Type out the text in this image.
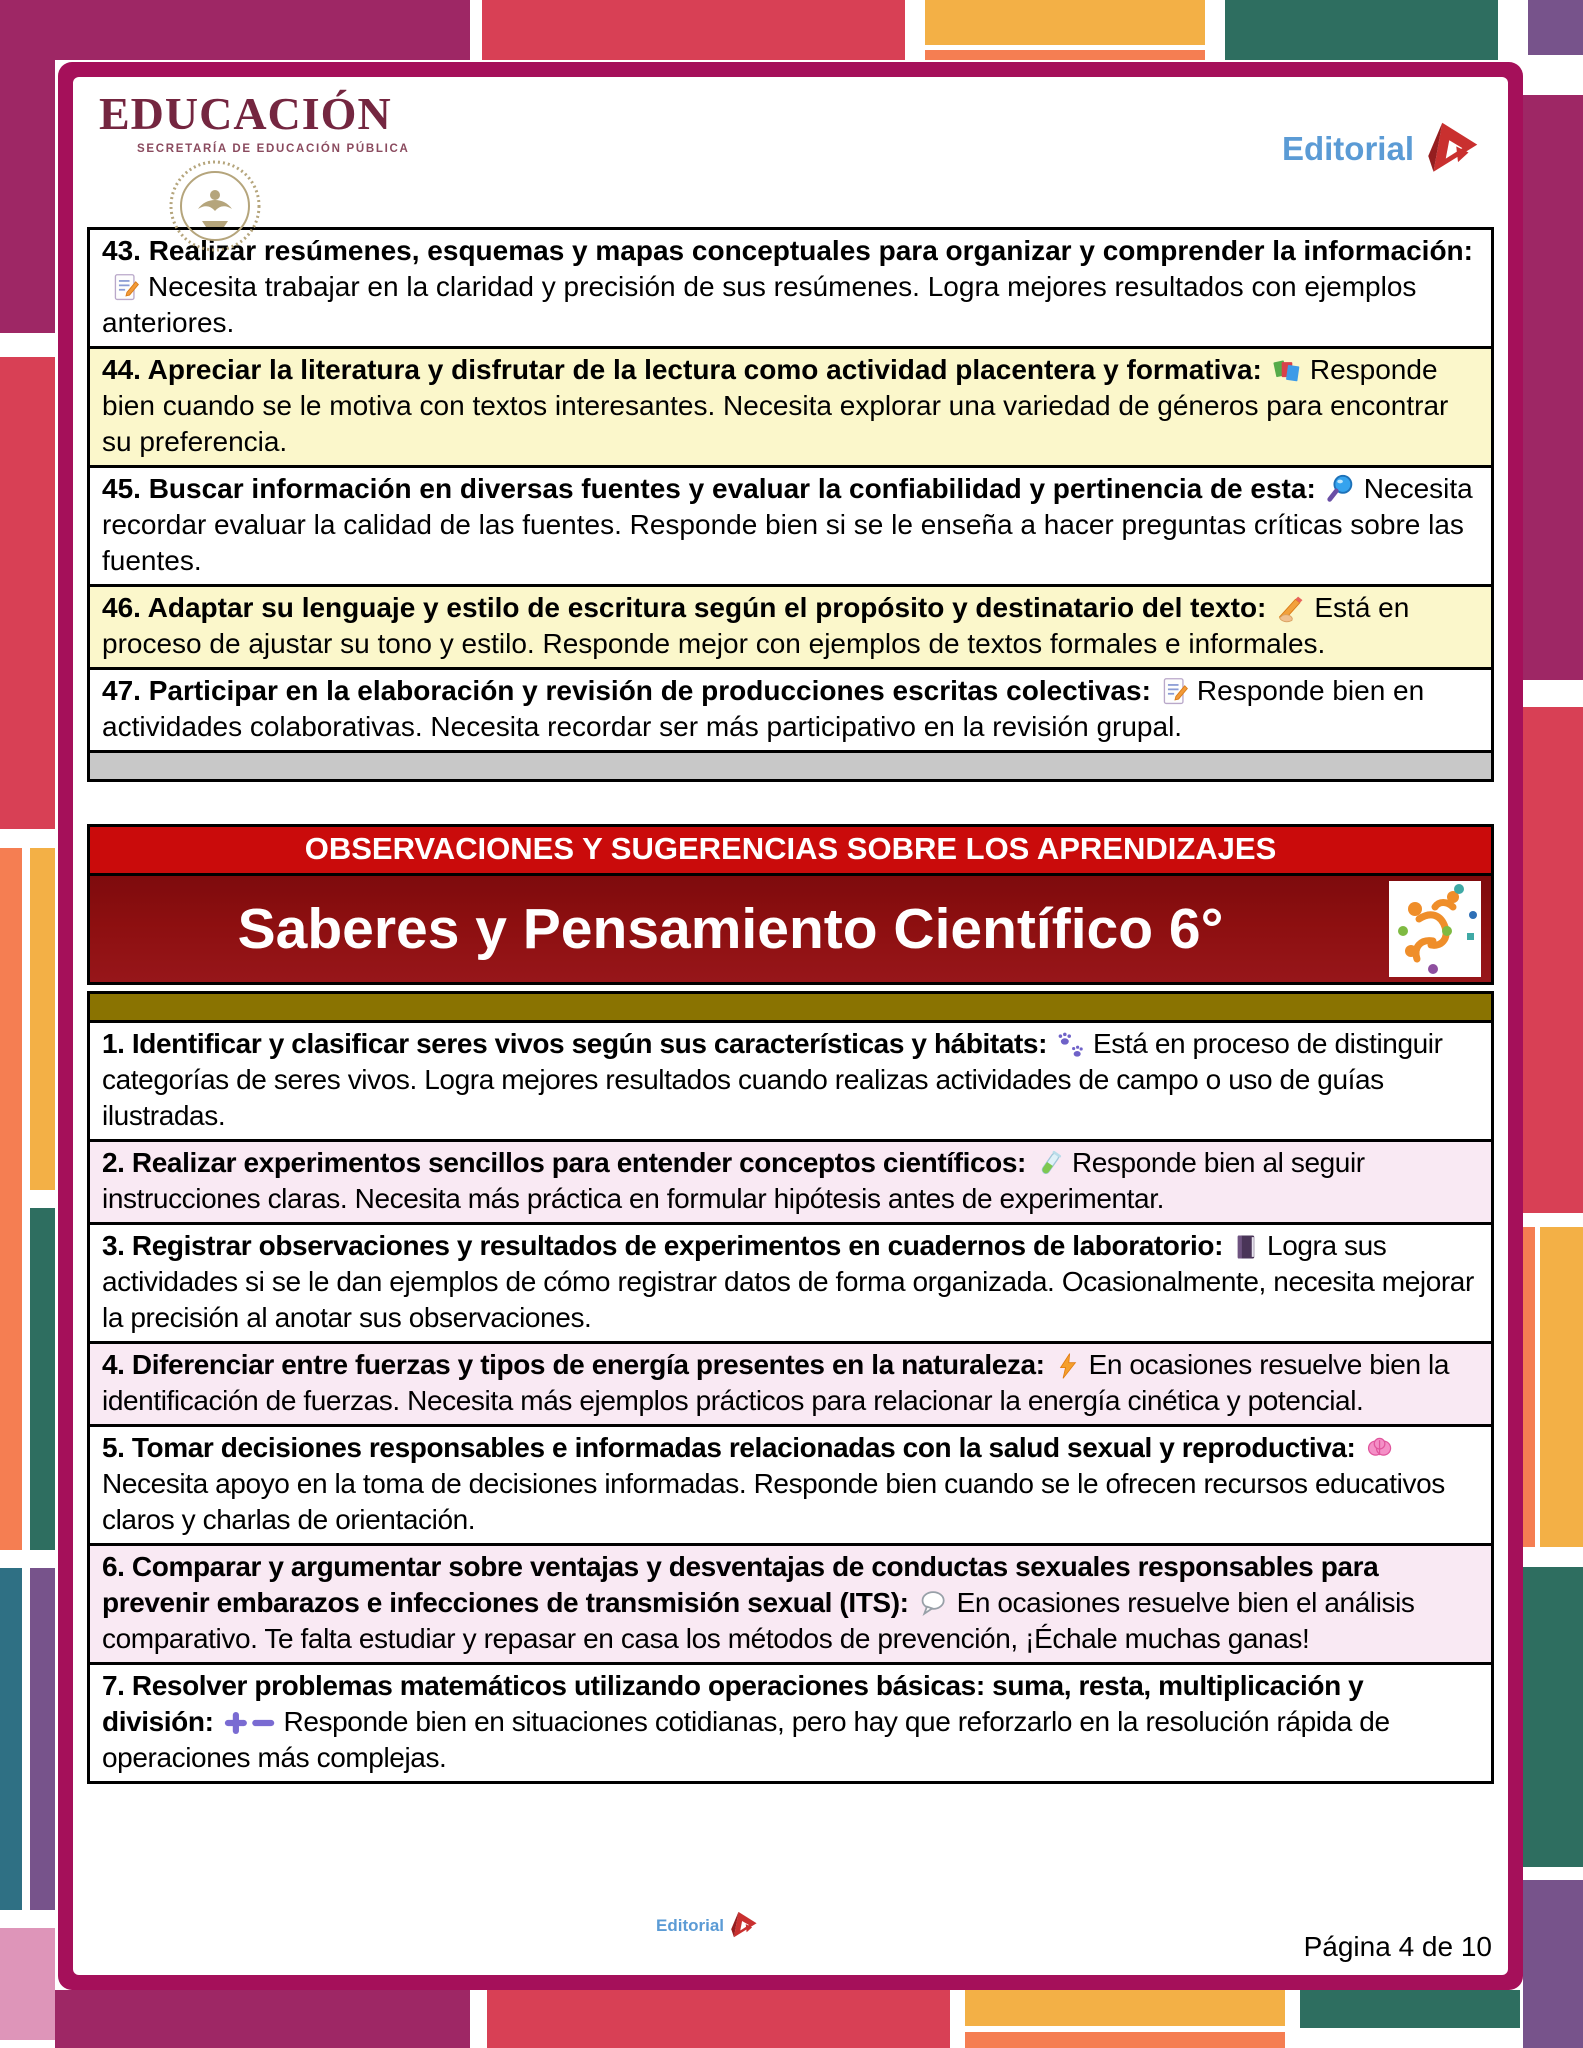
EDUCACIÓN
SECRETARÍA DE EDUCACIÓN PÚBLICA	Editorial

43. Realizar resúmenes, esquemas y mapas conceptuales para organizar y comprender la información:Necesita trabajar en la claridad y precisión de sus resúmenes. Logra mejores resultados con ejemplos anteriores.

44. Apreciar la literatura y disfrutar de la lectura como actividad placentera y formativa: Responde bien cuando se le motiva con textos interesantes. Necesita explorar una variedad de géneros para encontrar su preferencia.

45. Buscar información en diversas fuentes y evaluar la confiabilidad y pertinencia de esta: Necesita recordar evaluar la calidad de las fuentes. Responde bien si se le enseña a hacer preguntas críticas sobre las fuentes.

46. Adaptar su lenguaje y estilo de escritura según el propósito y destinatario del texto: Está en proceso de ajustar su tono y estilo. Responde mejor con ejemplos de textos formales e informales.

47. Participar en la elaboración y revisión de producciones escritas colectivas: Responde bien en actividades colaborativas. Necesita recordar ser más participativo en la revisión grupal.

OBSERVACIONES Y SUGERENCIAS SOBRE LOS APRENDIZAJES
Saberes y Pensamiento Científico 6°

1. Identificar y clasificar seres vivos según sus características y hábitats: Está en proceso de distinguir categorías de seres vivos. Logra mejores resultados cuando realizas actividades de campo o uso de guías ilustradas.

2. Realizar experimentos sencillos para entender conceptos científicos: Responde bien al seguir instrucciones claras. Necesita más práctica en formular hipótesis antes de experimentar.

3. Registrar observaciones y resultados de experimentos en cuadernos de laboratorio: Logra sus actividades si se le dan ejemplos de cómo registrar datos de forma organizada. Ocasionalmente, necesita mejorar la precisión al anotar sus observaciones.

4. Diferenciar entre fuerzas y tipos de energía presentes en la naturaleza: En ocasiones resuelve bien la identificación de fuerzas. Necesita más ejemplos prácticos para relacionar la energía cinética y potencial.

5. Tomar decisiones responsables e informadas relacionadas con la salud sexual y reproductiva:Necesita apoyo en la toma de decisiones informadas. Responde bien cuando se le ofrecen recursos educativos claros y charlas de orientación.

6. Comparar y argumentar sobre ventajas y desventajas de conductas sexuales responsables para prevenir embarazos e infecciones de transmisión sexual (ITS): En ocasiones resuelve bien el análisis comparativo. Te falta estudiar y repasar en casa los métodos de prevención, ¡Échale muchas ganas!

7. Resolver problemas matemáticos utilizando operaciones básicas: suma, resta, multiplicación y división:	Responde bien en situaciones cotidianas, pero hay que reforzarlo en la resolución rápida de operaciones más complejas.

Editorial
Página 4 de 10
